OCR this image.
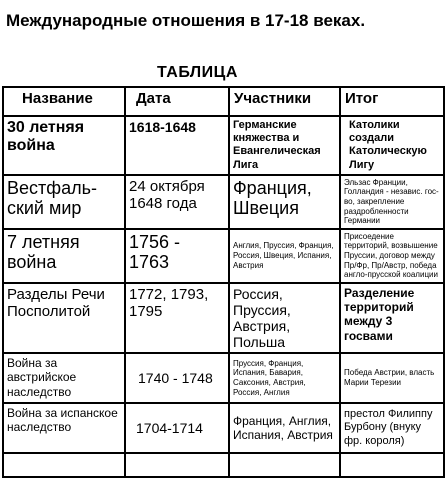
Международные отношения в 17-18 веках.
ТАБЛИЦА
Название	Дата	Участники	Итог
30 летняя война	1618-1648	Германские княжества и Евангелическая Лига	Католики создали Католическую Лигу
Вестфаль-ский мир	24 октября 1648 года	Франция, Швеция	Эльзас Франции, Голландия - независ. гос-во, закрепление раздробленности Германии
7 летняя война	1756 - 1763	Англия, Пруссия, Франция, Россия, Швеция, Испания, Австрия	Присоедение территорий, возвышение Пруссии, договор между Пр/Фр, Пр/Австр, победа англо-прусской коалиции
Разделы Речи Посполитой	1772, 1793, 1795	Россия, Пруссия, Австрия, Польша	Разделение территорий между 3 госвами
Война за австрийское наследство	1740 - 1748	Пруссия, Франция, Испания, Бавария, Саксония, Австрия, Россия, Англия	Победа Австрии, власть Марии Терезии
Война за испанское наследство	1704-1714	Франция, Англия, Испания, Австрия	престол Филиппу Бурбону (внуку фр. короля)
